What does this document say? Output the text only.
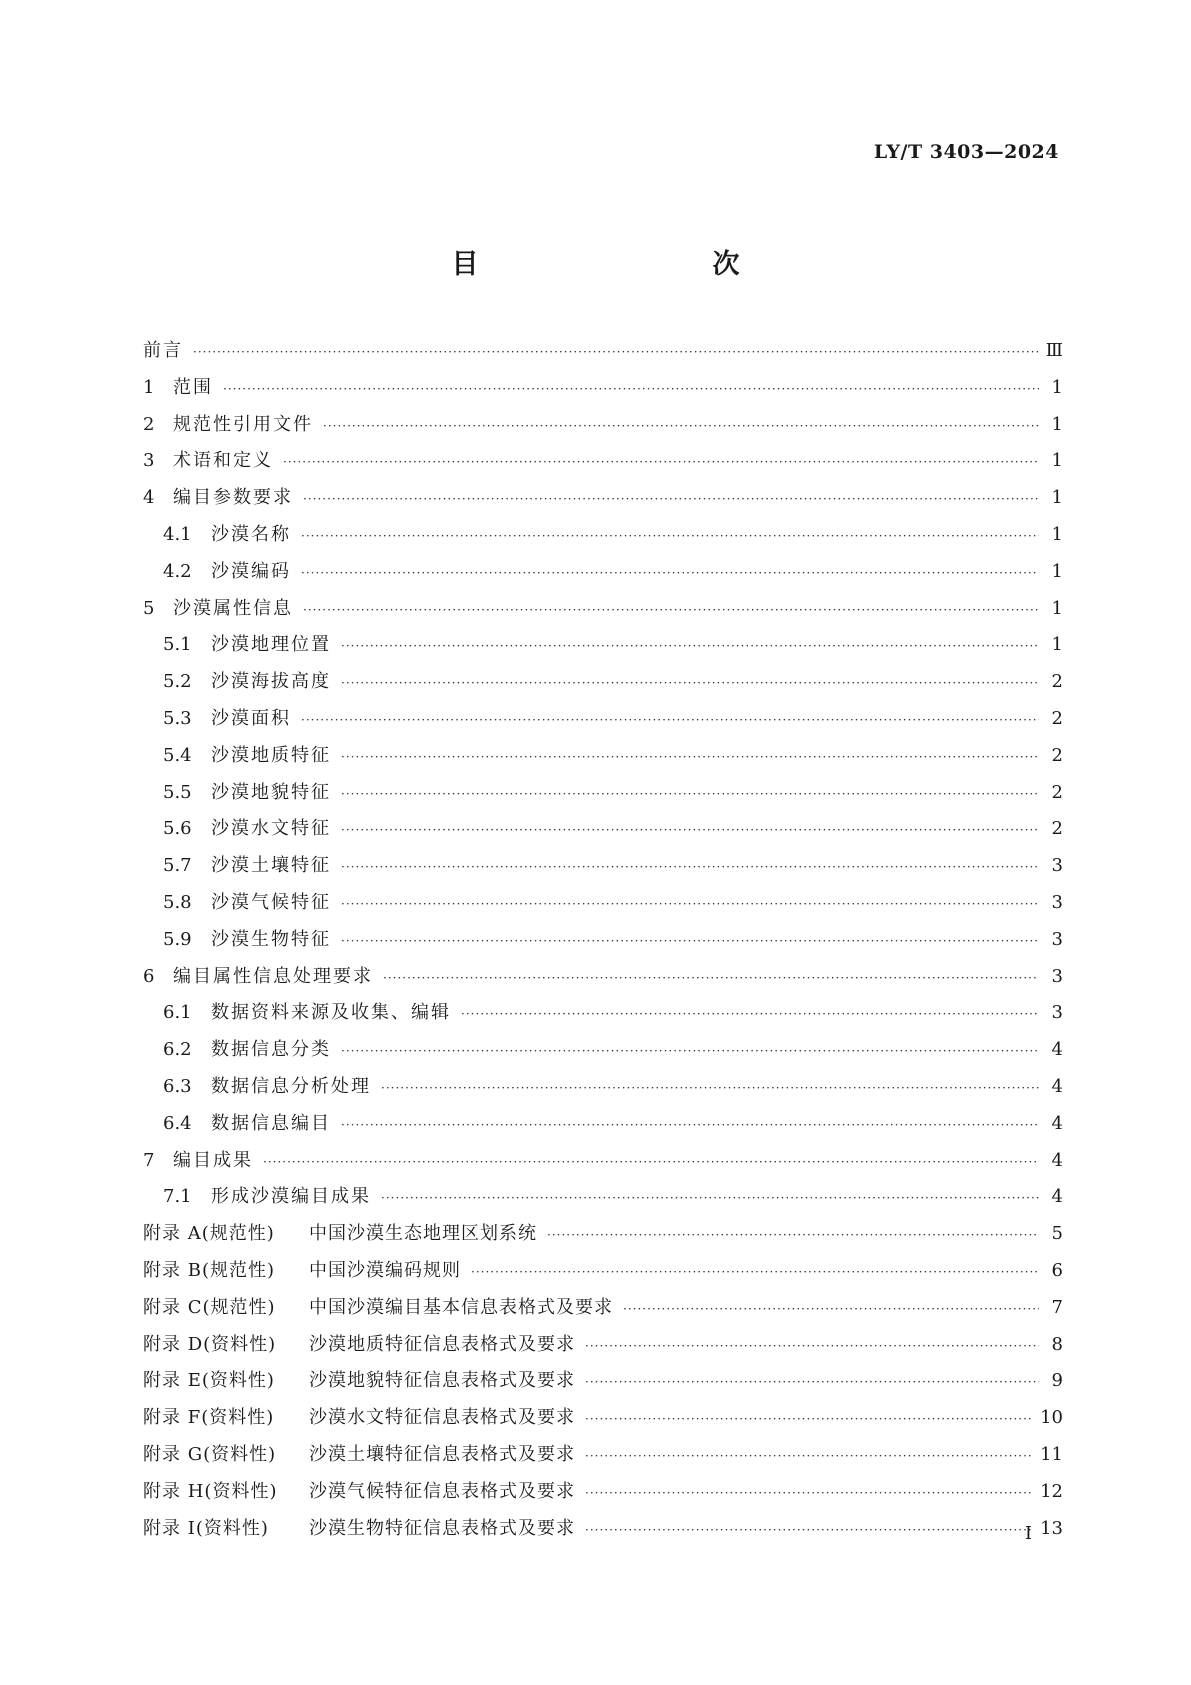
LY/T 3403—2024
目　　次
前言 ·····	Ⅲ
1	范围 ·····	1
2	规范性引用文件 ·····	1
3	术语和定义 ·····	1
4	编目参数要求 ·····	1
4.1	沙漠名称 ·····	1
4.2	沙漠编码 ·····	1
5	沙漠属性信息 ·····	1
5.1	沙漠地理位置 ·····	1
5.2	沙漠海拔高度 ·····	2
5.3	沙漠面积 ·····	2
5.4	沙漠地质特征 ·····	2
5.5	沙漠地貌特征 ·····	2
5.6	沙漠水文特征 ·····	2
5.7	沙漠土壤特征 ·····	3
5.8	沙漠气候特征 ·····	3
5.9	沙漠生物特征 ·····	3
6	编目属性信息处理要求 ·····	3
6.1	数据资料来源及收集、编辑 ·····	3
6.2	数据信息分类 ·····	4
6.3	数据信息分析处理 ·····	4
6.4	数据信息编目 ·····	4
7	编目成果 ·····	4
7.1	形成沙漠编目成果 ·····	4
附录 A(规范性)	中国沙漠生态地理区划系统 ·····	5
附录 B(规范性)	中国沙漠编码规则 ·····	6
附录 C(规范性)	中国沙漠编目基本信息表格式及要求 ·····	7
附录 D(资料性)	沙漠地质特征信息表格式及要求 ·····	8
附录 E(资料性)	沙漠地貌特征信息表格式及要求 ·····	9
附录 F(资料性)	沙漠水文特征信息表格式及要求 ·····	10
附录 G(资料性)	沙漠土壤特征信息表格式及要求 ·····	11
附录 H(资料性)	沙漠气候特征信息表格式及要求 ·····	12
附录 I(资料性)	沙漠生物特征信息表格式及要求 ·····	13
I
